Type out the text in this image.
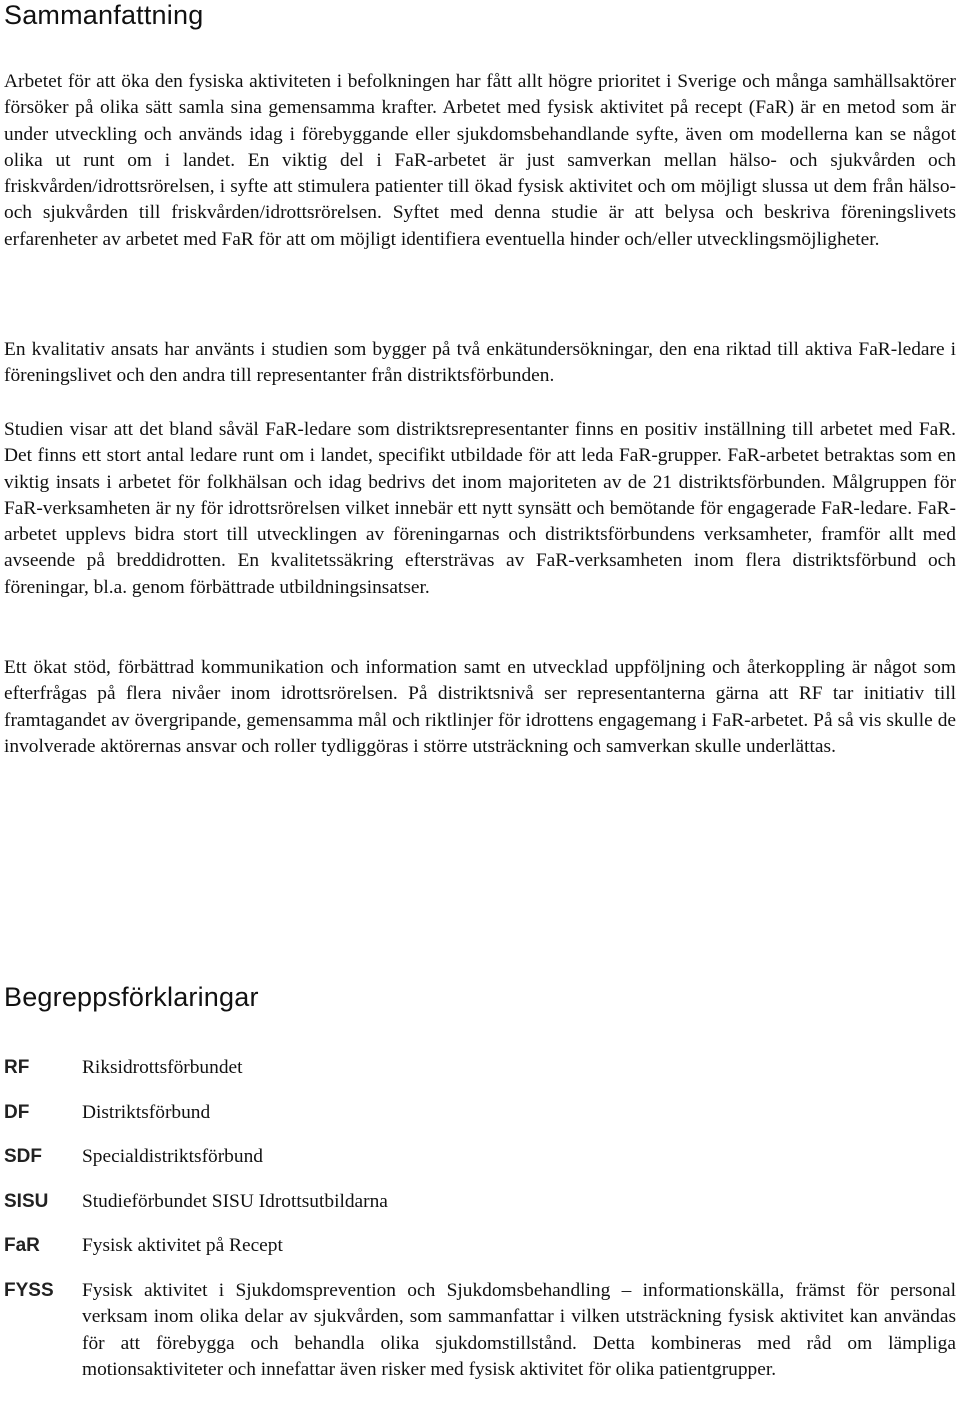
Sammanfattning

Arbetet för att öka den fysiska aktiviteten i befolkningen har fått allt högre prioritet i Sverige och många samhällsaktörer försöker på olika sätt samla sina gemensamma krafter. Arbetet med fysisk aktivitet på recept (FaR) är en metod som är under utveckling och används idag i förebyggande eller sjukdomsbehandlande syfte, även om modellerna kan se något olika ut runt om i landet. En viktig del i FaR-arbetet är just samverkan mellan hälso- och sjukvården och friskvården/idrottsrörelsen, i syfte att stimulera patienter till ökad fysisk aktivitet och om möjligt slussa ut dem från hälso- och sjukvården till friskvården/idrottsrörelsen. Syftet med denna studie är att belysa och beskriva föreningslivets erfarenheter av arbetet med FaR för att om möjligt identifiera eventuella hinder och/eller utvecklingsmöjligheter.

En kvalitativ ansats har använts i studien som bygger på två enkätundersökningar, den ena riktad till aktiva FaR-ledare i föreningslivet och den andra till representanter från distriktsförbunden.

Studien visar att det bland såväl FaR-ledare som distriktsrepresentanter finns en positiv inställning till arbetet med FaR. Det finns ett stort antal ledare runt om i landet, specifikt utbildade för att leda FaR-grupper. FaR-arbetet betraktas som en viktig insats i arbetet för folkhälsan och idag bedrivs det inom majoriteten av de 21 distriktsförbunden. Målgruppen för FaR-verksamheten är ny för idrottsrörelsen vilket innebär ett nytt synsätt och bemötande för engagerade FaR-ledare. FaR-arbetet upplevs bidra stort till utvecklingen av föreningarnas och distriktsförbundens verksamheter, framför allt med avseende på breddidrotten. En kvalitetssäkring eftersträvas av FaR-verksamheten inom flera distriktsförbund och föreningar, bl.a. genom förbättrade utbildningsinsatser.

Ett ökat stöd, förbättrad kommunikation och information samt en utvecklad uppföljning och återkoppling är något som efterfrågas på flera nivåer inom idrottsrörelsen. På distriktsnivå ser representanterna gärna att RF tar initiativ till framtagandet av övergripande, gemensamma mål och riktlinjer för idrottens engagemang i FaR-arbetet. På så vis skulle de involverade aktörernas ansvar och roller tydliggöras i större utsträckning och samverkan skulle underlättas.

Begreppsförklaringar
RF	Riksidrottsförbundet
DF	Distriktsförbund
SDF	Specialdistriktsförbund
SISU	Studieförbundet SISU Idrottsutbildarna
FaR	Fysisk aktivitet på Recept
FYSS	Fysisk aktivitet i Sjukdomsprevention och Sjukdomsbehandling – informationskälla, främst för personal verksam inom olika delar av sjukvården, som sammanfattar i vilken utsträckning fysisk aktivitet kan användas för att förebygga och behandla olika sjukdomstillstånd. Detta kombineras med råd om lämpliga motionsaktiviteter och innefattar även risker med fysisk aktivitet för olika patientgrupper.
